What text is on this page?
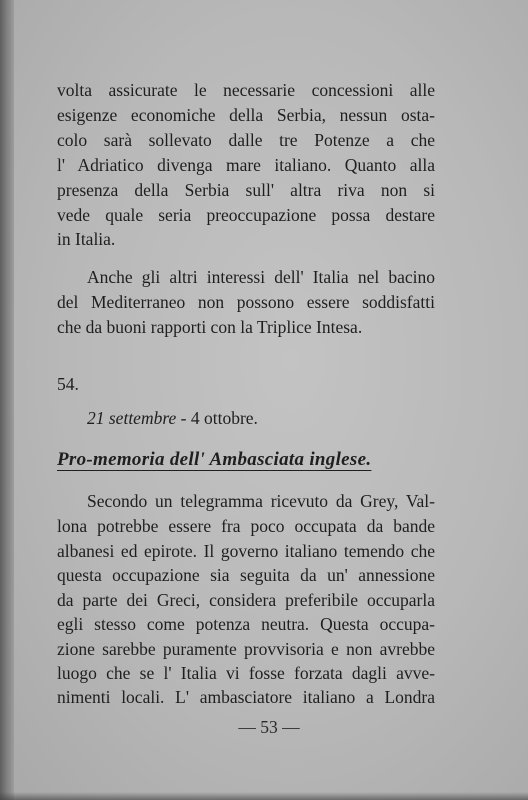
volta assicurate le necessarie concessioni alle

esigenze economiche della Serbia, nessun osta-

colo sarà sollevato dalle tre Potenze a che

l' Adriatico divenga mare italiano. Quanto alla

presenza della Serbia sull' altra riva non si

vede quale seria preoccupazione possa destare

in Italia.

Anche gli altri interessi dell' Italia nel bacino

del Mediterraneo non possono essere soddisfatti

che da buoni rapporti con la Triplice Intesa.

54.

21 settembre - 4 ottobre.

Pro-memoria dell' Ambasciata inglese.

Secondo un telegramma ricevuto da Grey, Val-

lona potrebbe essere fra poco occupata da bande

albanesi ed epirote. Il governo italiano temendo che

questa occupazione sia seguita da un' annessione

da parte dei Greci, considera preferibile occuparla

egli stesso come potenza neutra. Questa occupa-

zione sarebbe puramente provvisoria e non avrebbe

luogo che se l' Italia vi fosse forzata dagli avve-

nimenti locali. L' ambasciatore italiano a Londra

— 53 —
